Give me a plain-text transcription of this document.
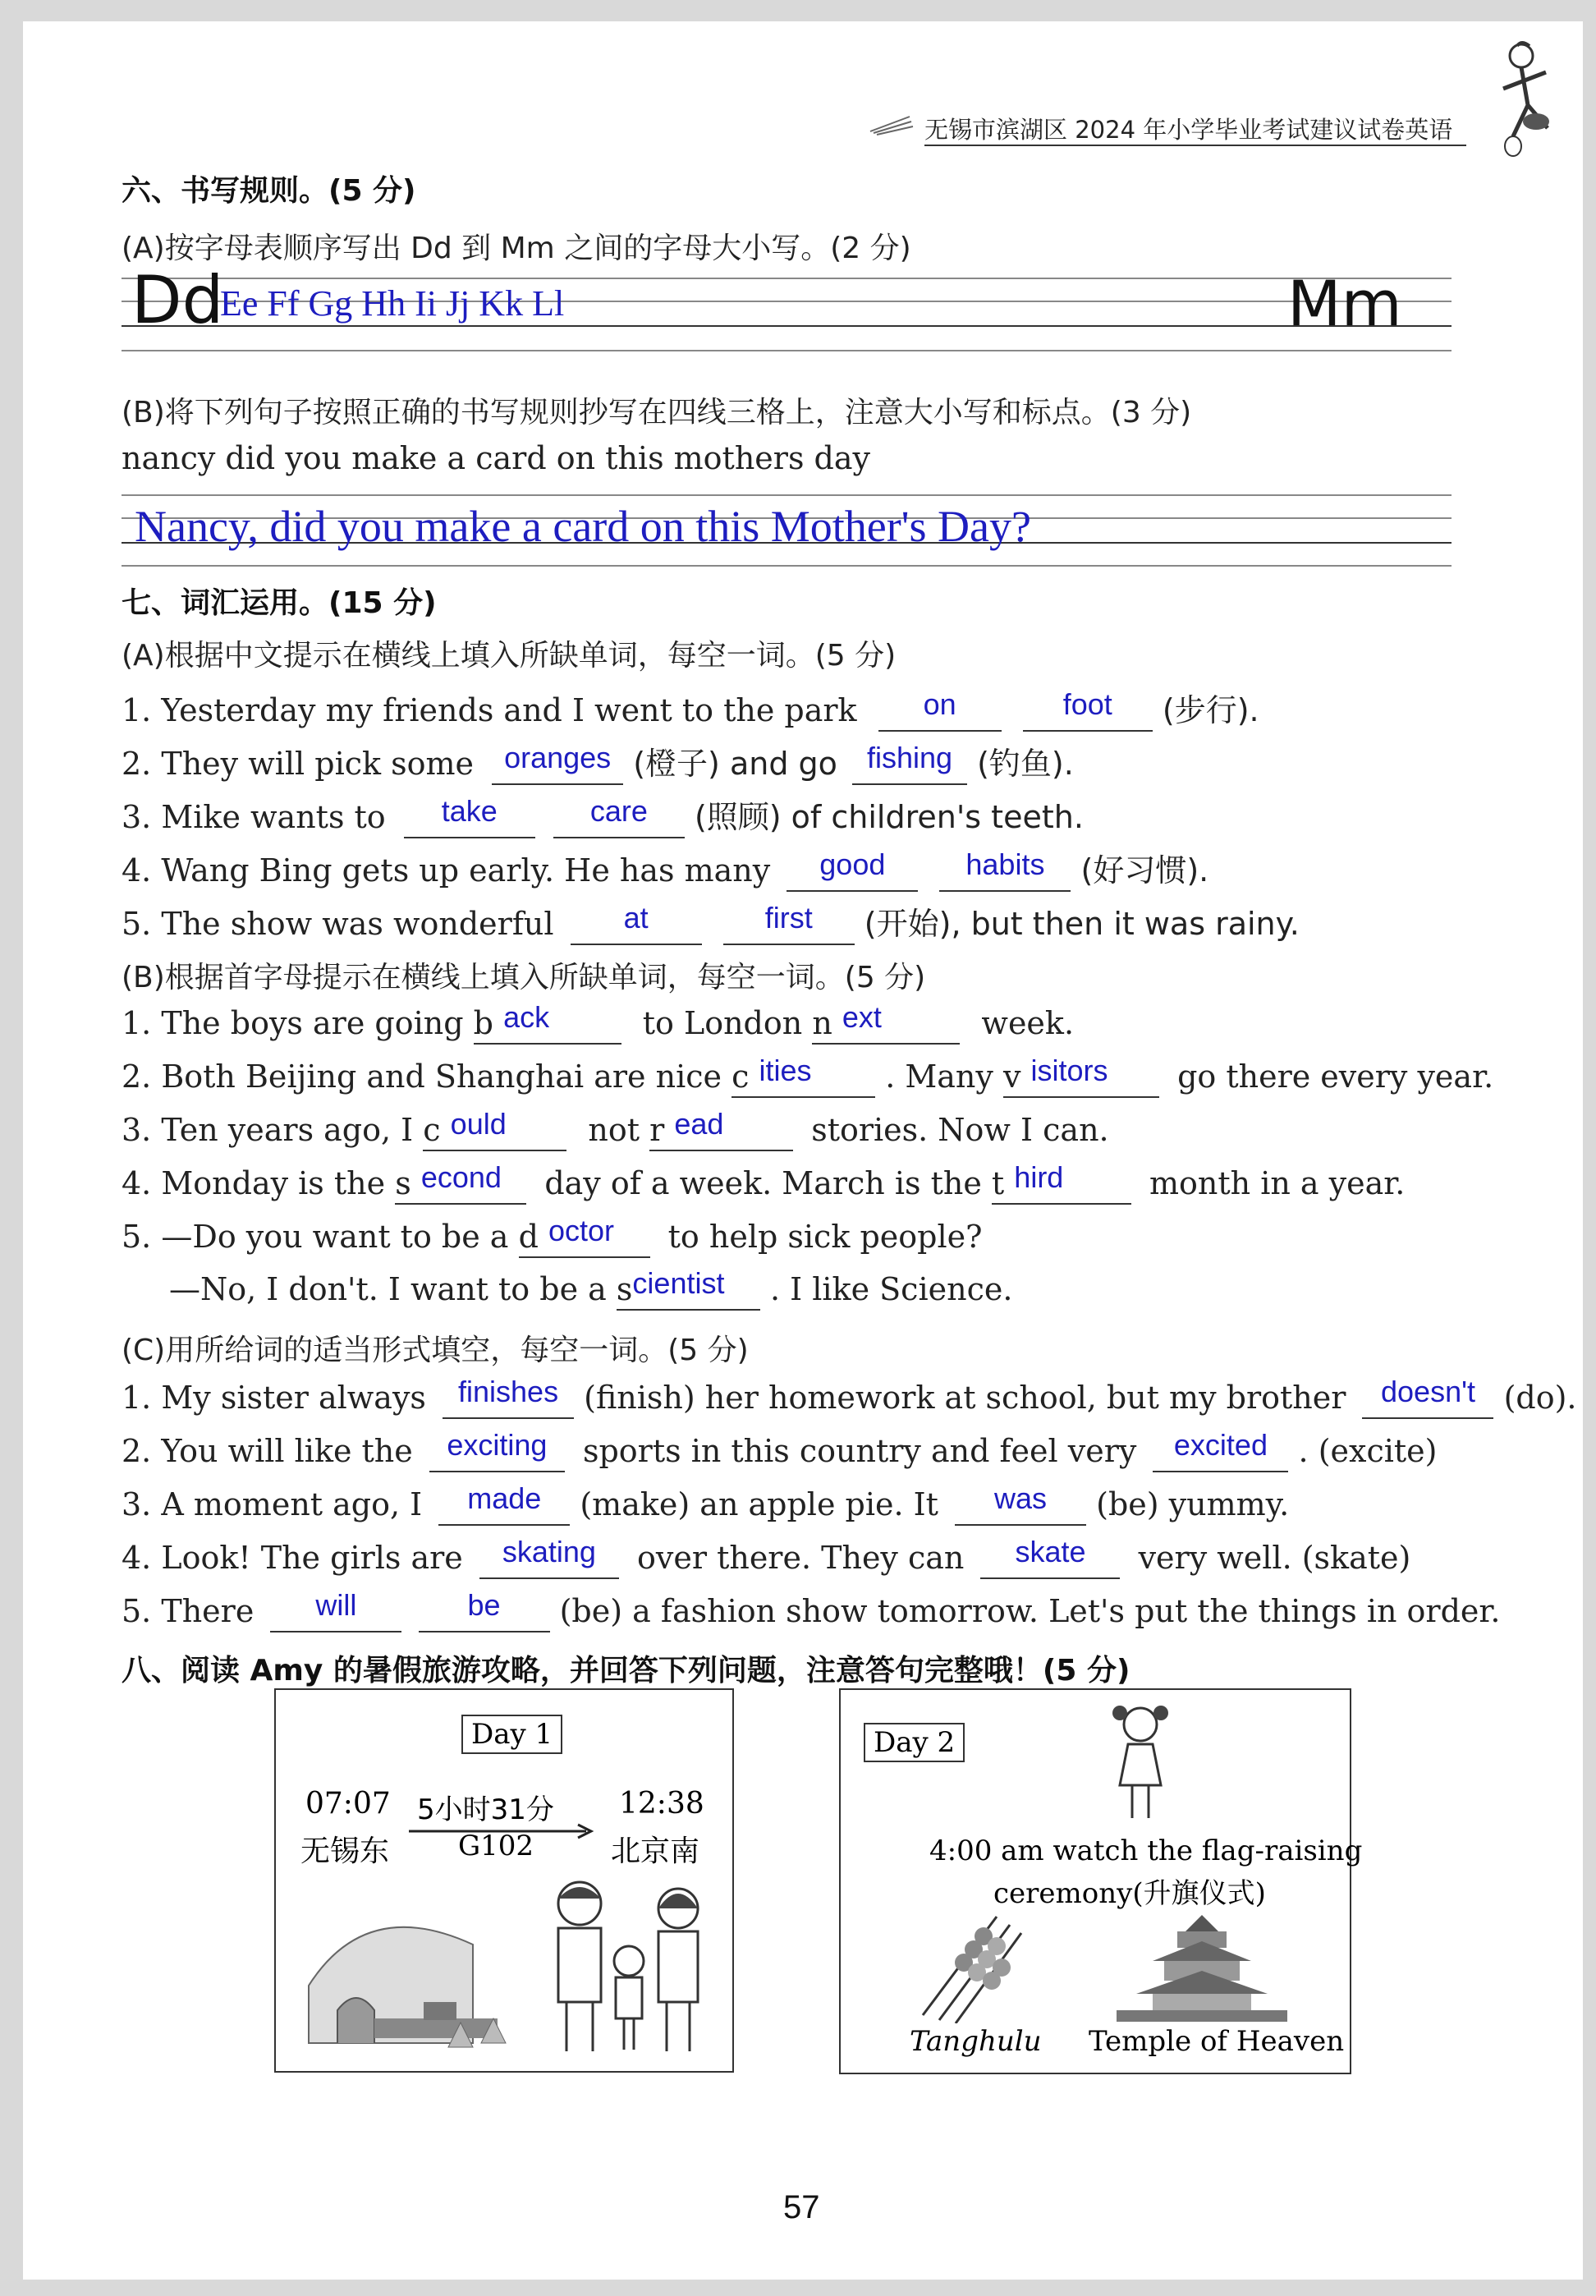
无锡市滨湖区 2024 年小学毕业考试建议试卷英语
六、书写规则。(5 分)
(A)按字母表顺序写出 Dd 到 Mm 之间的字母大小写。(2 分)
Dd
Ee Ff Gg Hh Ii Jj Kk Ll	Mm
(B)将下列句子按照正确的书写规则抄写在四线三格上，注意大小写和标点。(3 分)
nancy did you make a card on this mothers day
Nancy, did you make a card on this Mother's Day?
七、词汇运用。(15 分)
(A)根据中文提示在横线上填入所缺单词，每空一词。(5 分)
1. Yesterday my friends and I went to the park on	foot (步行).
2. They will pick some oranges (橙子) and go fishing (钓鱼).
3. Mike wants to take	care (照顾) of children's teeth.
4. Wang Bing gets up early. He has many good	habits (好习惯).
5. The show was wonderful at	first (开始), but then it was rainy.
(B)根据首字母提示在横线上填入所缺单词，每空一词。(5 分)
1. The boys are going b ack	to London n ext	week.
2. Both Beijing and Shanghai are nice c ities . Many v isitors go there every year.
3. Ten years ago, I c ould	not r ead	stories. Now I can.
4. Monday is the s econd day of a week. March is the t hird	month in a year.
5. —Do you want to be a d octor to help sick people?
—No, I don't. I want to be a scientist . I like Science.
(C)用所给词的适当形式填空，每空一词。(5 分)
1. My sister always finishes (finish) her homework at school, but my brother doesn't (do).
2. You will like the exciting sports in this country and feel very excited . (excite)
3. A moment ago, I made (make) an apple pie. It was (be) yummy.
4. Look! The girls are skating over there. They can skate very well. (skate)
5. There will	be (be) a fashion show tomorrow. Let's put the things in order.
八、阅读 Amy 的暑假旅游攻略，并回答下列问题，注意答句完整哦！(5 分)
Day 1
07:07 5小时31分 12:38
无锡东 G102	北京南
Day 2
4:00 am watch the flag-raising
ceremony(升旗仪式)
Tanghulu Temple of Heaven
57
